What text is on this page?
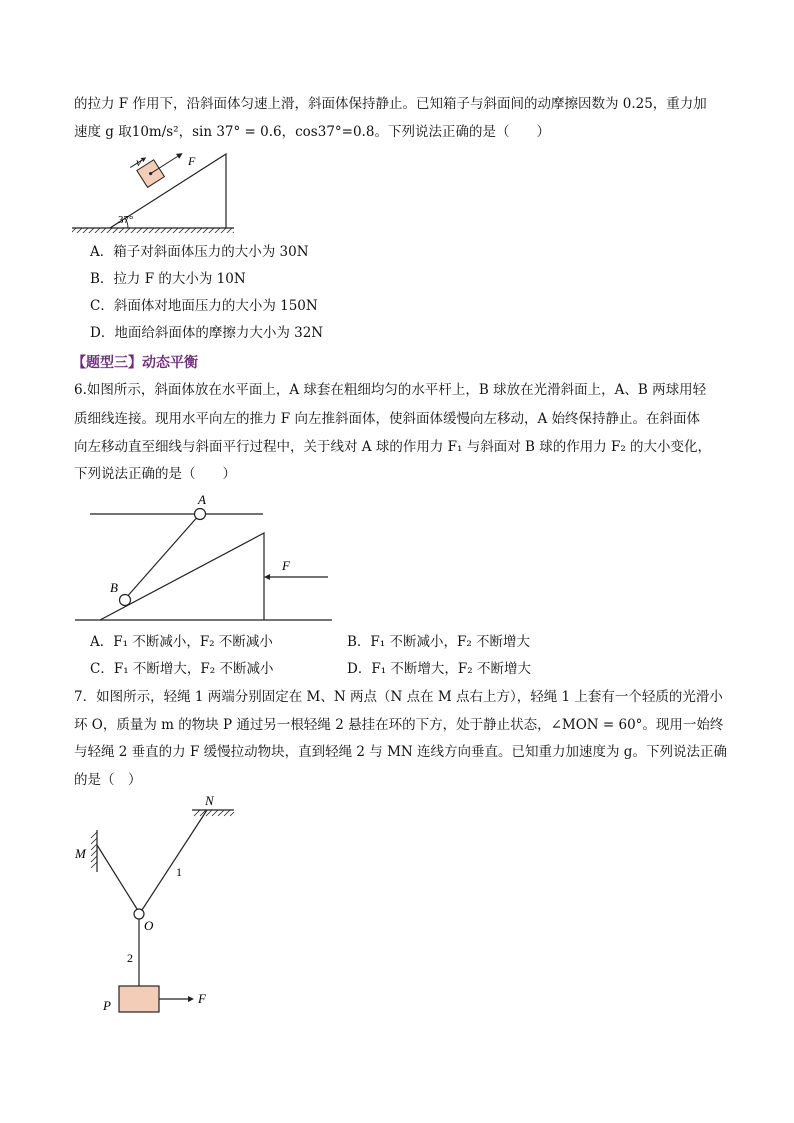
的拉力 F 作用下，沿斜面体匀速上滑，斜面体保持静止。已知箱子与斜面间的动摩擦因数为 0.25，重力加
速度 g 取10m/s²，sin 37° = 0.6，cos37°=0.8。下列说法正确的是（　　）
37°
v	F
A．箱子对斜面体压力的大小为 30N
B．拉力 F 的大小为 10N
C．斜面体对地面压力的大小为 150N
D．地面给斜面体的摩擦力大小为 32N
【题型三】动态平衡
6.如图所示，斜面体放在水平面上，A 球套在粗细均匀的水平杆上，B 球放在光滑斜面上，A、B 两球用轻
质细线连接。现用水平向左的推力 F 向左推斜面体，使斜面体缓慢向左移动，A 始终保持静止。在斜面体
向左移动直至细线与斜面平行过程中，关于线对 A 球的作用力 F₁ 与斜面对 B 球的作用力 F₂ 的大小变化，
下列说法正确的是（　　）
A
B
F
A．F₁ 不断减小，F₂ 不断减小	B．F₁ 不断减小，F₂ 不断增大
C．F₁ 不断增大，F₂ 不断减小	D．F₁ 不断增大，F₂ 不断增大
7．如图所示，轻绳 1 两端分别固定在 M、N 两点（N 点在 M 点右上方），轻绳 1 上套有一个轻质的光滑小
环 O，质量为 m 的物块 P 通过另一根轻绳 2 悬挂在环的下方，处于静止状态，∠MON = 60°。现用一始终
与轻绳 2 垂直的力 F 缓慢拉动物块，直到轻绳 2 与 MN 连线方向垂直。已知重力加速度为 g。下列说法正确
的是（　）
N
M
1
O
2
P	F
